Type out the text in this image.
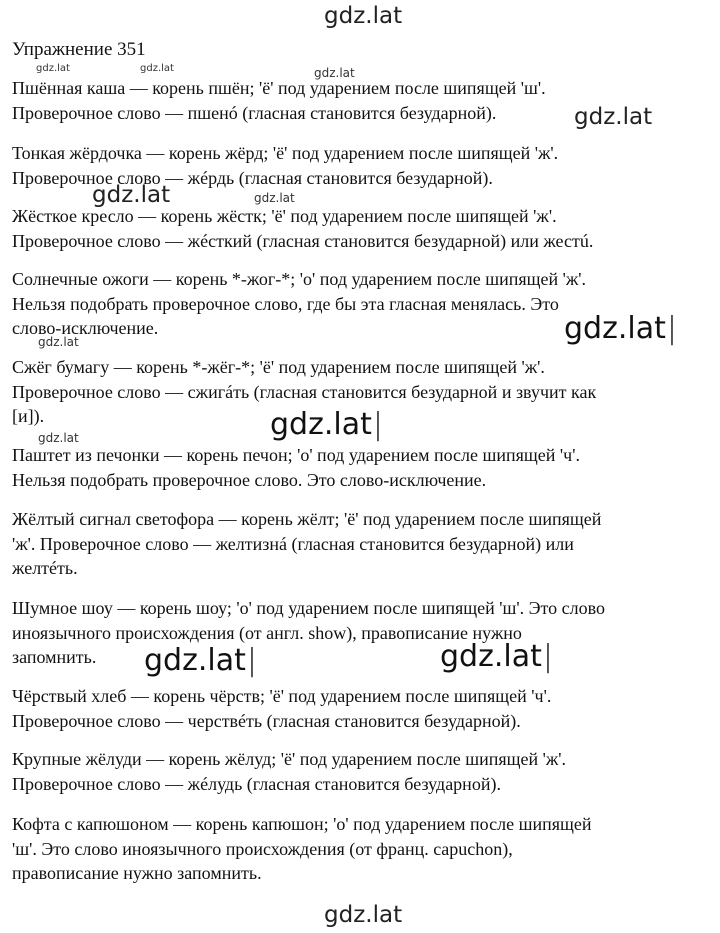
Упражнение 351

Пшённая каша — корень пшён; 'ё' под ударением после шипящей 'ш'.

Проверочное слово — пшенó (гласная становится безударной).

Тонкая жёрдочка — корень жёрд; 'ё' под ударением после шипящей 'ж'.

Проверочное слово — жéрдь (гласная становится безударной).

Жёсткое кресло — корень жёстк; 'ё' под ударением после шипящей 'ж'.

Проверочное слово — жéсткий (гласная становится безударной) или жестú.

Солнечные ожоги — корень *-жог-*; 'о' под ударением после шипящей 'ж'.

Нельзя подобрать проверочное слово, где бы эта гласная менялась. Это

слово-исключение.

Сжёг бумагу — корень *-жёг-*; 'ё' под ударением после шипящей 'ж'.

Проверочное слово — сжигáть (гласная становится безударной и звучит как

[и]).

Паштет из печонки — корень печон; 'о' под ударением после шипящей 'ч'.

Нельзя подобрать проверочное слово. Это слово-исключение.

Жёлтый сигнал светофора — корень жёлт; 'ё' под ударением после шипящей

'ж'. Проверочное слово — желтизнá (гласная становится безударной) или

желтéть.

Шумное шоу — корень шоу; 'о' под ударением после шипящей 'ш'. Это слово

иноязычного происхождения (от англ. show), правописание нужно

запомнить.

Чёрствый хлеб — корень чёрств; 'ё' под ударением после шипящей 'ч'.

Проверочное слово — черствéть (гласная становится безударной).

Крупные жёлуди — корень жёлуд; 'ё' под ударением после шипящей 'ж'.

Проверочное слово — жéлудь (гласная становится безударной).

Кофта с капюшоном — корень капюшон; 'о' под ударением после шипящей

'ш'. Это слово иноязычного происхождения (от франц. capuchon),

правописание нужно запомнить.

gdz.lat
gdz.lat	gdz.lat	gdz.lat
gdz.lat
gdz.lat	gdz.lat
gdz.lat |
gdz.lat
gdz.lat |
gdz.lat
gdz.lat |	gdz.lat |
gdz.lat
